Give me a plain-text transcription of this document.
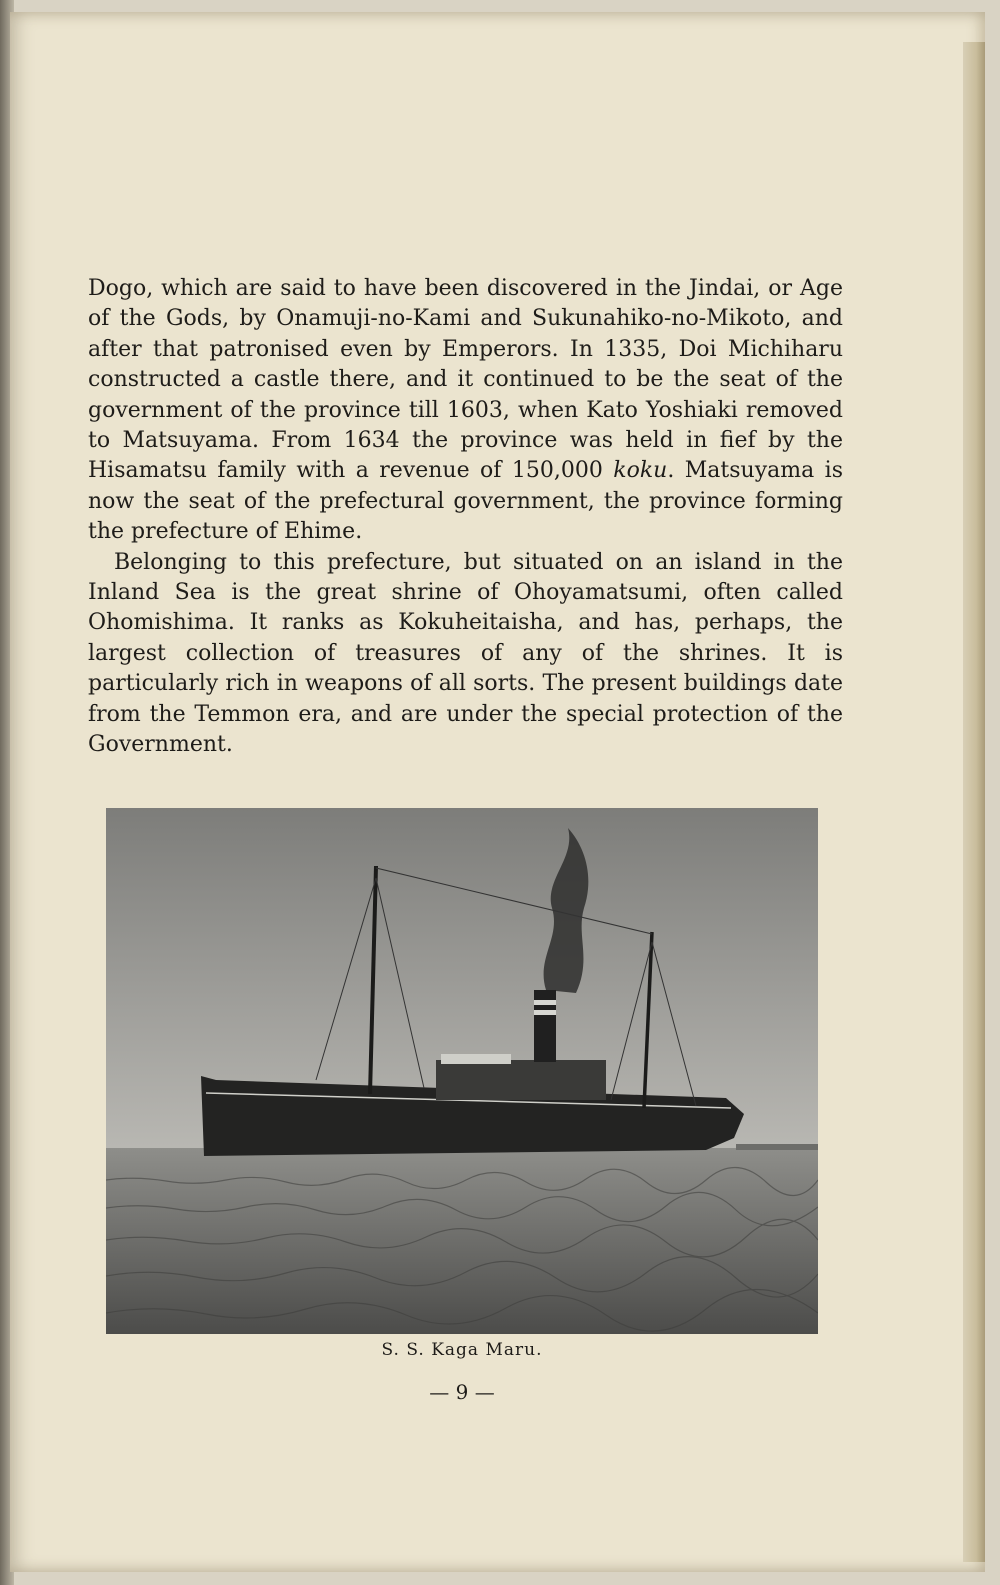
Dogo, which are said to have been discovered in the Jindai, or Age of the Gods, by Onamuji-no-Kami and Sukunahiko-no-Mikoto, and after that patronised even by Emperors. In 1335, Doi Michiharu constructed a castle there, and it continued to be the seat of the government of the province till 1603, when Kato Yoshiaki removed to Matsuyama. From 1634 the province was held in fief by the Hisamatsu family with a revenue of 150,000 koku. Matsuyama is now the seat of the prefectural government, the province forming the prefecture of Ehime.

Belonging to this prefecture, but situated on an island in the Inland Sea is the great shrine of Ohoyamatsumi, often called Ohomishima. It ranks as Kokuheitaisha, and has, perhaps, the largest collection of treasures of any of the shrines. It is particularly rich in weapons of all sorts. The present buildings date from the Temmon era, and are under the special protection of the Government.

S. S. Kaga Maru.
— 9 —
